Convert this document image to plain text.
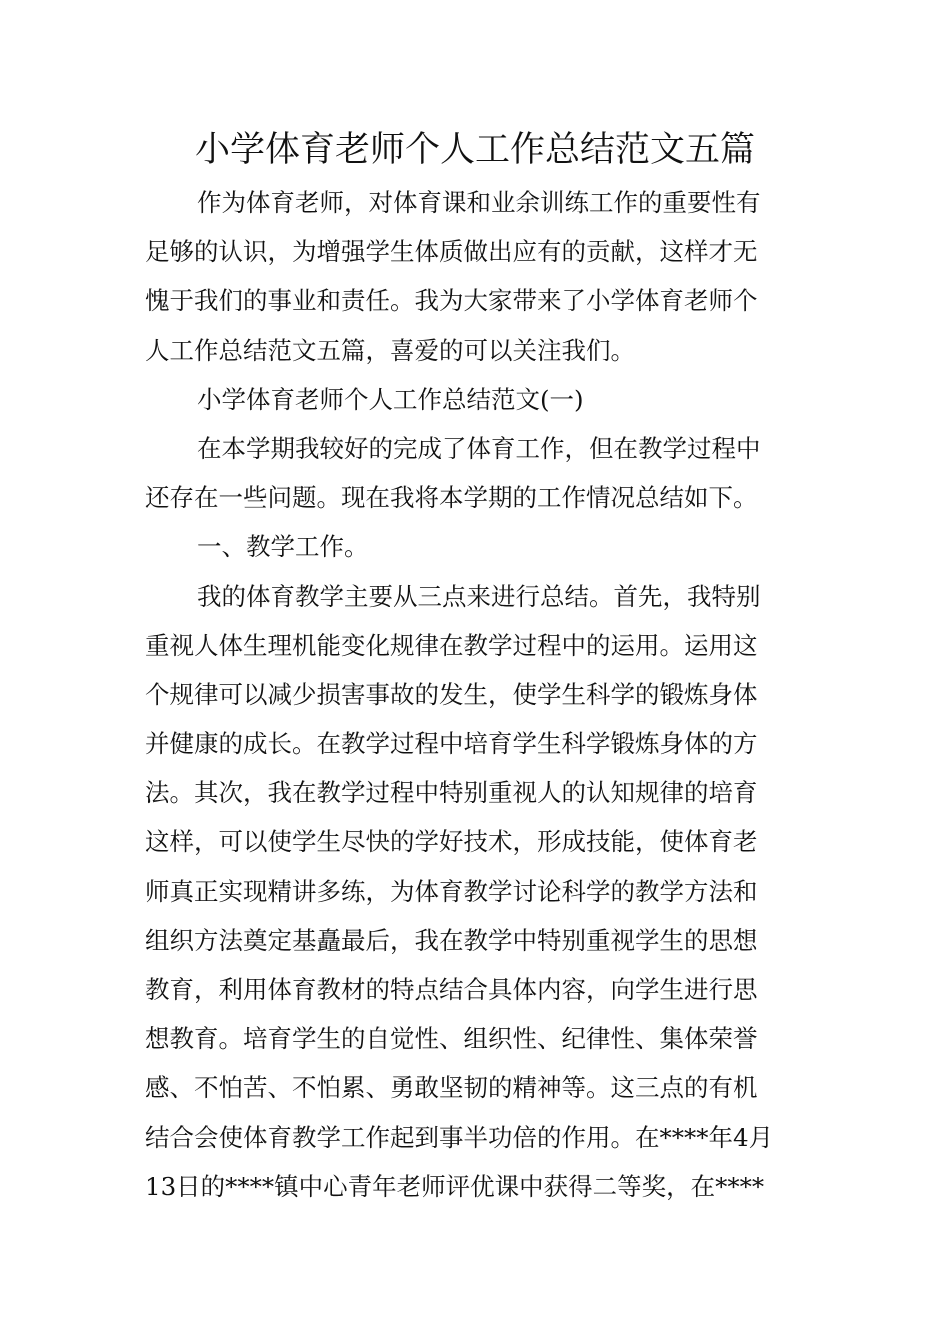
小学体育老师个人工作总结范文五篇
作为体育老师，对体育课和业余训练工作的重要性有
足够的认识，为增强学生体质做出应有的贡献，这样才无
愧于我们的事业和责任。我为大家带来了小学体育老师个
人工作总结范文五篇，喜爱的可以关注我们。
小学体育老师个人工作总结范文(一)
在本学期我较好的完成了体育工作，但在教学过程中
还存在一些问题。现在我将本学期的工作情况总结如下。
一、教学工作。
我的体育教学主要从三点来进行总结。首先，我特别
重视人体生理机能变化规律在教学过程中的运用。运用这
个规律可以减少损害事故的发生，使学生科学的锻炼身体
并健康的成长。在教学过程中培育学生科学锻炼身体的方
法。其次，我在教学过程中特别重视人的认知规律的培育
这样，可以使学生尽快的学好技术，形成技能，使体育老
师真正实现精讲多练，为体育教学讨论科学的教学方法和
组织方法奠定基矗最后，我在教学中特别重视学生的思想
教育，利用体育教材的特点结合具体内容，向学生进行思
想教育。培育学生的自觉性、组织性、纪律性、集体荣誉
感、不怕苦、不怕累、勇敢坚韧的精神等。这三点的有机
结合会使体育教学工作起到事半功倍的作用。在****年4月
13日的****镇中心青年老师评优课中获得二等奖，在****
